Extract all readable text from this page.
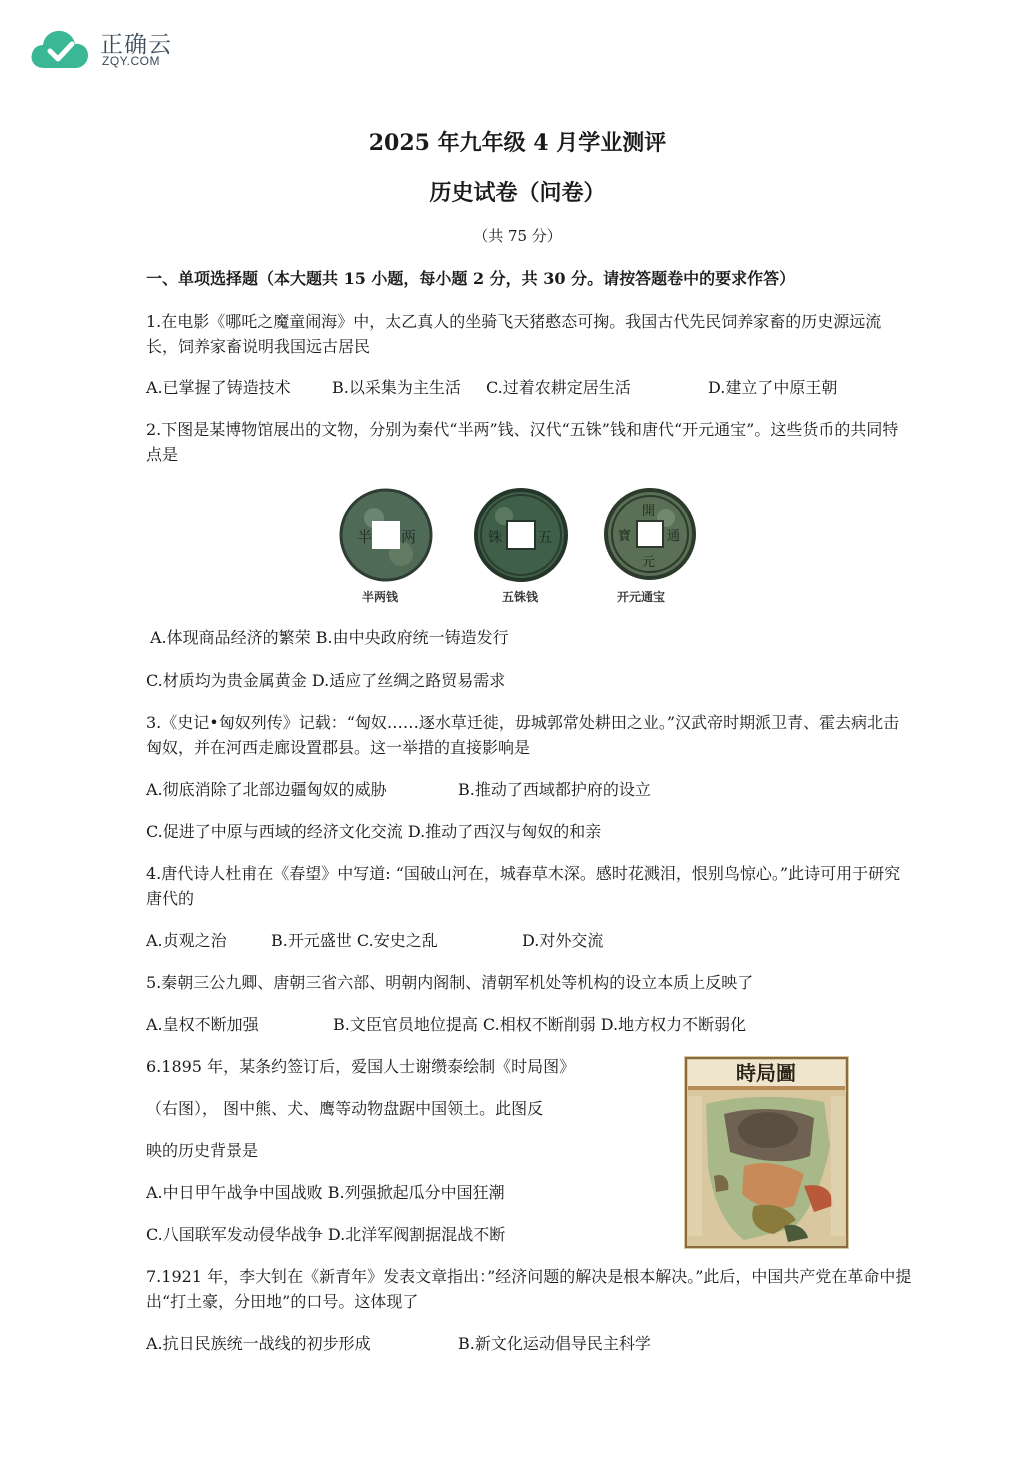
正确云
ZQY.COM
2025 年九年级 4 月学业测评
历史试卷（问卷）
（共 75 分）
一、单项选择题（本大题共 15 小题，每小题 2 分，共 30 分。请按答题卷中的要求作答）
1.在电影《哪吒之魔童闹海》中，太乙真人的坐骑飞天猪憨态可掬。我国古代先民饲养家畜的历史源远流长，饲养家畜说明我国远古居民
A.已掌握了铸造技术	B.以采集为主生活 C.过着农耕定居生活	D.建立了中原王朝
2.下图是某博物馆展出的文物，分别为秦代“半两”钱、汉代“五铢”钱和唐代“开元通宝”。这些货币的共同特点是
半 两	铢	五
開
元
寶	通
半两钱	五铢钱	开元通宝
A.体现商品经济的繁荣 B.由中央政府统一铸造发行
C.材质均为贵金属黄金 D.适应了丝绸之路贸易需求
3.《史记•匈奴列传》记载：“匈奴……逐水草迁徙，毋城郭常处耕田之业。”汉武帝时期派卫青、霍去病北击匈奴，并在河西走廊设置郡县。这一举措的直接影响是
A.彻底消除了北部边疆匈奴的威胁	B.推动了西域都护府的设立
C.促进了中原与西域的经济文化交流 D.推动了西汉与匈奴的和亲
4.唐代诗人杜甫在《春望》中写道: “国破山河在，城春草木深。感时花溅泪，恨别鸟惊心。”此诗可用于研究唐代的
A.贞观之治	B.开元盛世 C.安史之乱	D.对外交流
5.秦朝三公九卿、唐朝三省六部、明朝内阁制、清朝军机处等机构的设立本质上反映了
A.皇权不断加强	B.文臣官员地位提高 C.相权不断削弱 D.地方权力不断弱化
6.1895 年，某条约签订后，爱国人士谢缵泰绘制《时局图》
（右图）， 图中熊、犬、鹰等动物盘踞中国领土。此图反
映的历史背景是
A.中日甲午战争中国战败 B.列强掀起瓜分中国狂潮
C.八国联军发动侵华战争 D.北洋军阀割据混战不断
時局圖
7.1921 年，李大钊在《新青年》发表文章指出：”经济问题的解决是根本解决。”此后，中国共产党在革命中提出“打土豪，分田地”的口号。这体现了
A.抗日民族统一战线的初步形成	B.新文化运动倡导民主科学
